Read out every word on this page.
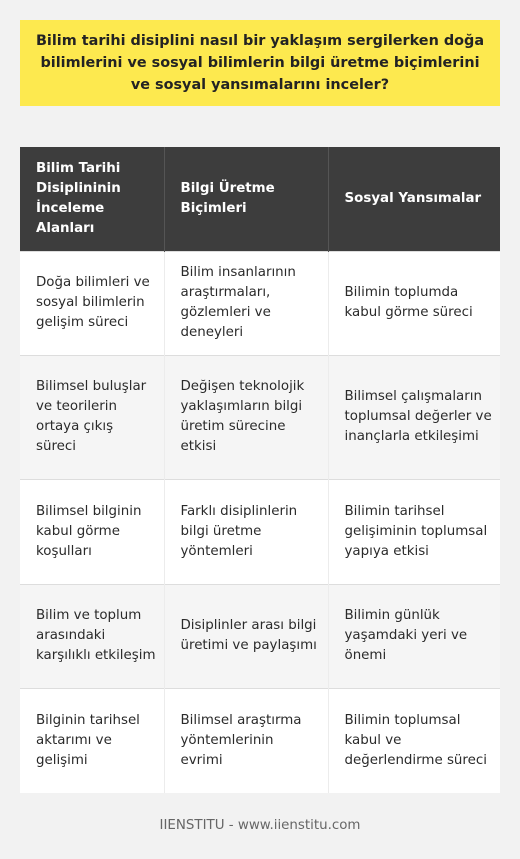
Bilim tarihi disiplini nasıl bir yaklaşım sergilerken doğa bilimlerini ve sosyal bilimlerin bilgi üretme biçimlerini ve sosyal yansımalarını inceler?
Bilim Tarihi Disiplininin İnceleme Alanları	Bilgi Üretme Biçimleri	Sosyal Yansımalar
Doğa bilimleri ve sosyal bilimlerin gelişim süreci	Bilim insanlarının araştırmaları, gözlemleri ve deneyleri	Bilimin toplumda kabul görme süreci
Bilimsel buluşlar ve teorilerin ortaya çıkış süreci	Değişen teknolojik yaklaşımların bilgi üretim sürecine etkisi	Bilimsel çalışmaların toplumsal değerler ve inançlarla etkileşimi
Bilimsel bilginin kabul görme koşulları	Farklı disiplinlerin bilgi üretme yöntemleri	Bilimin tarihsel gelişiminin toplumsal yapıya etkisi
Bilim ve toplum arasındaki karşılıklı etkileşim	Disiplinler arası bilgi üretimi ve paylaşımı	Bilimin günlük yaşamdaki yeri ve önemi
Bilginin tarihsel aktarımı ve gelişimi	Bilimsel araştırma yöntemlerinin evrimi	Bilimin toplumsal kabul ve değerlendirme süreci
IIENSTITU - www.iienstitu.com
